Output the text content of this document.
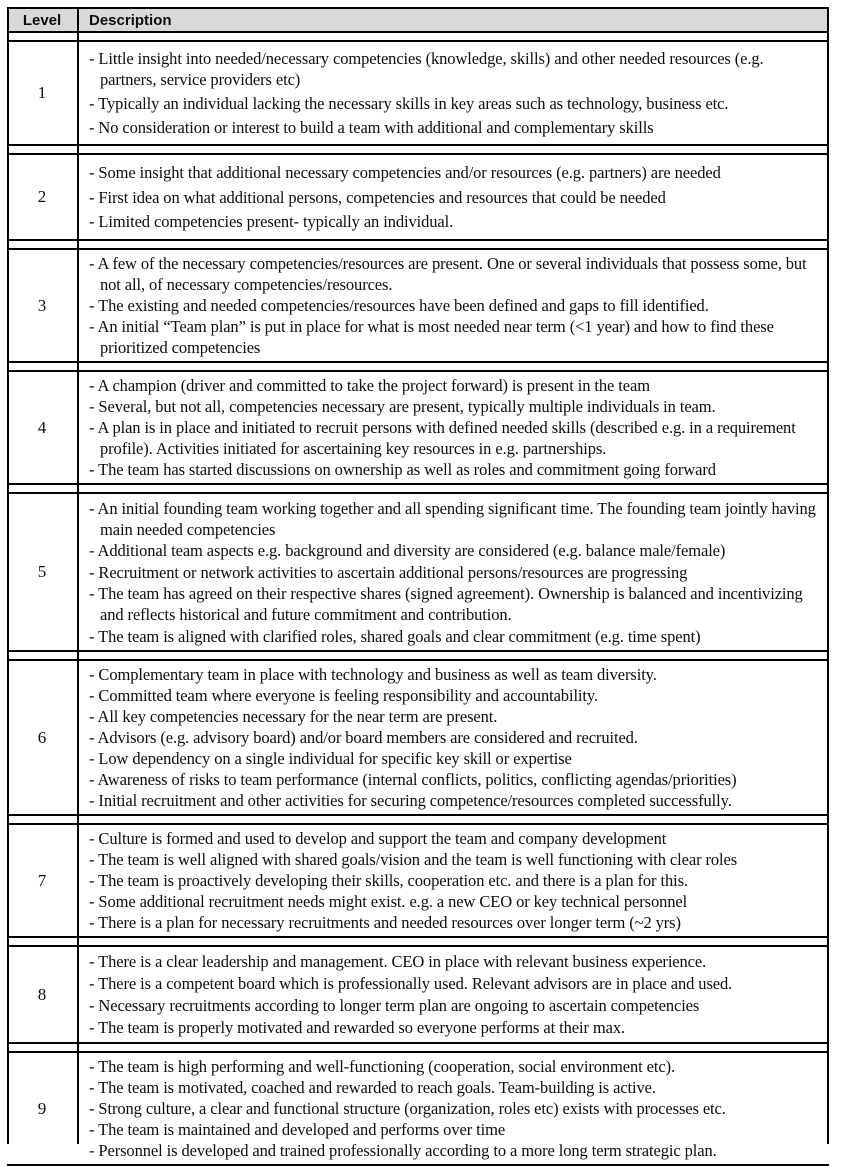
Level	Description
1
- Little insight into needed/necessary competencies (knowledge, skills) and other needed resources (e.g. partners, service providers etc)
- Typically an individual lacking the necessary skills in key areas such as technology, business etc.
- No consideration or interest to build a team with additional and complementary skills
2
- Some insight that additional necessary competencies and/or resources (e.g. partners) are needed
- First idea on what additional persons, competencies and resources that could be needed
- Limited competencies present- typically an individual.
3
- A few of the necessary competencies/resources are present. One or several individuals that possess some, but not all, of necessary competencies/resources.
- The existing and needed competencies/resources have been defined and gaps to fill identified.
- An initial “Team plan” is put in place for what is most needed near term (<1 year) and how to find these prioritized competencies
4
- A champion (driver and committed to take the project forward) is present in the team
- Several, but not all, competencies necessary are present, typically multiple individuals in team.
- A plan is in place and initiated to recruit persons with defined needed skills (described e.g. in a requirement profile). Activities initiated for ascertaining key resources in e.g. partnerships.
- The team has started discussions on ownership as well as roles and commitment going forward
5
- An initial founding team working together and all spending significant time. The founding team jointly having main needed competencies
- Additional team aspects e.g. background and diversity are considered (e.g. balance male/female)
- Recruitment or network activities to ascertain additional persons/resources are progressing
- The team has agreed on their respective shares (signed agreement). Ownership is balanced and incentivizing and reflects historical and future commitment and contribution.
- The team is aligned with clarified roles, shared goals and clear commitment (e.g. time spent)
6
- Complementary team in place with technology and business as well as team diversity.
- Committed team where everyone is feeling responsibility and accountability.
- All key competencies necessary for the near term are present.
- Advisors (e.g. advisory board) and/or board members are considered and recruited.
- Low dependency on a single individual for specific key skill or expertise
- Awareness of risks to team performance (internal conflicts, politics, conflicting agendas/priorities)
- Initial recruitment and other activities for securing competence/resources completed successfully.
7
- Culture is formed and used to develop and support the team and company development
- The team is well aligned with shared goals/vision and the team is well functioning with clear roles
- The team is proactively developing their skills, cooperation etc. and there is a plan for this.
- Some additional recruitment needs might exist. e.g. a new CEO or key technical personnel
- There is a plan for necessary recruitments and needed resources over longer term (~2 yrs)
8
- There is a clear leadership and management. CEO in place with relevant business experience.
- There is a competent board which is professionally used. Relevant advisors are in place and used.
- Necessary recruitments according to longer term plan are ongoing to ascertain competencies
- The team is properly motivated and rewarded so everyone performs at their max.
9
- The team is high performing and well-functioning (cooperation, social environment etc).
- The team is motivated, coached and rewarded to reach goals. Team-building is active.
- Strong culture, a clear and functional structure (organization, roles etc) exists with processes etc.
- The team is maintained and developed and performs over time
- Personnel is developed and trained professionally according to a more long term strategic plan.
